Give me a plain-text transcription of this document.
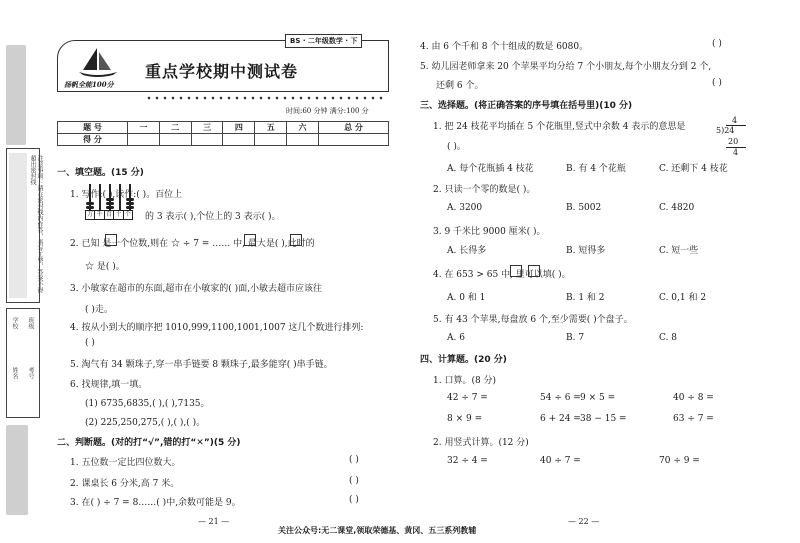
注意事项：请在密封线内作答，书写工整，答案不得超出密封线
学校
姓名
班级
考号
BS · 二年级数学 · 下
扬帆全能100分
重点学校期中测试卷
时间:60 分钟 满分:100 分
题 号	一	二	三	四	五	六	总 分
得 分							
一、填空题。(15 分)
万 千 百 十 个
1. 写作:( ),读作:( )。百位上
的 3 表示( ),个位上的 3 表示( )。
2. 已知 是一个位数,则在 ☆ ÷ 7 = …… 中, 最大是( ),此时的
☆ 是( )。
3. 小敏家在超市的东面,超市在小敏家的( )面,小敏去超市应该往
( )走。
4. 按从小到大的顺序把 1010,999,1100,1001,1007 这几个数进行排列:
( )
5. 淘气有 34 颗珠子,穿一串手链要 8 颗珠子,最多能穿( )串手链。
6. 找规律,填一填。
(1) 6735,6835,( ),( ),7135。
(2) 225,250,275,( ),( ),( )。
二、判断题。(对的打“√”,错的打“✕”)(5 分)
1. 五位数一定比四位数大。	( )
2. 课桌长 6 分米,高 7 米。	( )
3. 在( ) ÷ 7 = 8……( )中,余数可能是 9。	( )
— 21 —
4. 由 6 个千和 8 个十组成的数是 6080。	( )
5. 幼儿园老师拿来 20 个苹果平均分给 7 个小朋友,每个小朋友分到 2 个,
还剩 6 个。	( )
三、选择题。(将正确答案的序号填在括号里)(10 分)
1. 把 24 枝花平均插在 5 个花瓶里,竖式中余数 4 表示的意思是
( )。
4
5)24
20
4
A. 每个花瓶插 4 枝花	B. 有 4 个花瓶	C. 还剩下 4 枝花
2. 只读一个零的数是( )。
A. 3200	B. 5002	C. 4820
3. 9 千米比 9000 厘米( )。
A. 长得多	B. 短得多	C. 短一些
4. 在 653 > 65 中, 里可以填( )。
A. 0 和 1	B. 1 和 2	C. 0,1 和 2
5. 有 43 个苹果,每盘放 6 个,至少需要( )个盘子。
A. 6	B. 7	C. 8
四、计算题。(20 分)
1. 口算。(8 分)
42 ÷ 7 =	54 ÷ 6 = 9 × 5 =	40 ÷ 8 =
8 × 9 =	6 + 24 = 38 − 15 =	63 ÷ 7 =
2. 用竖式计算。(12 分)
32 ÷ 4 =	40 ÷ 7 =	70 ÷ 9 =
— 22 —
关注公众号:无二课堂,领取荣德基、黄冈、五三系列教辅
